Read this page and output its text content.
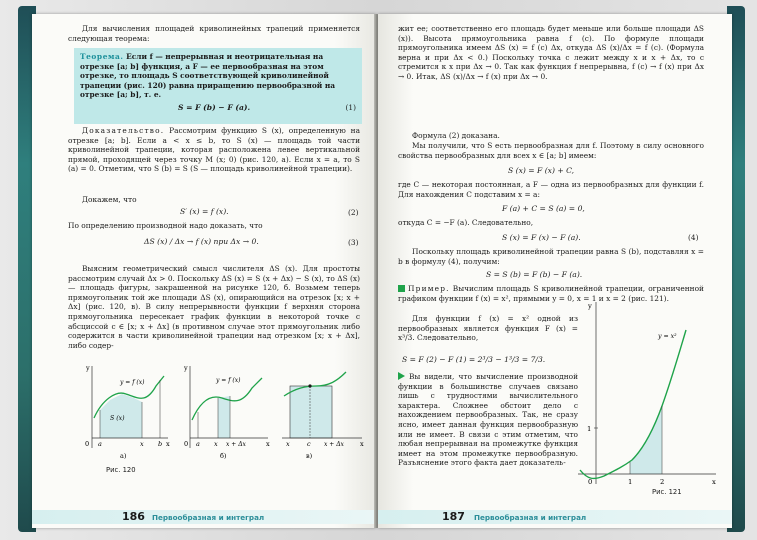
Для вычисления площадей криволинейных трапеций применяется следующая теорема:

Теорема. Если f — непрерывная и неотрицательная на отрезке [a; b] функция, а F — ее первообразная на этом отрезке, то площадь S соответствующей криволинейной трапеции (рис. 120) равна приращению первообразной на отрезке [a; b], т. е.
S = F (b) − F (a).	(1)

Доказательство. Рассмотрим функцию S (x), определенную на отрезке [a; b]. Если a < x ≤ b, то S (x) — площадь той части криволинейной трапеции, которая расположена левее вертикальной прямой, проходящей через точку M (x; 0) (рис. 120, a). Если x = a, то S (a) = 0. Отметим, что S (b) = S (S — площадь криволинейной трапеции).

Докажем, что

S′ (x) = f (x).	(2)

По определению производной надо доказать, что

ΔS (x) / Δx → f (x) при Δx → 0.	(3)

Выясним геометрический смысл числителя ΔS (x). Для простоты рассмотрим случай Δx > 0. Поскольку ΔS (x) = S (x + Δx) − S (x), то ΔS (x) — площадь фигуры, закрашенной на рисунке 120, б. Возьмем теперь прямоугольник той же площади ΔS (x), опирающийся на отрезок [x; x + Δx] (рис. 120, в). В силу непрерывности функции f верхняя сторона прямоугольника пересекает график функции в некоторой точке с абсциссой c ∈ [x; x + Δx] (в противном случае этот прямоугольник либо содержится в части криволинейной трапеции над отрезком [x; x + Δx], либо содер-

y
x
0 a	x b
y = f (x)
S (x)
a)
y
x
0 a x x + Δx
y = f (x)
б)
x
x	c x + Δx
в)
Рис. 120
186 Первообразная и интеграл

жит ее; соответственно его площадь будет меньше или больше площади ΔS (x)). Высота прямоугольника равна f (c). По формуле площади прямоугольника имеем ΔS (x) = f (c) Δx, откуда ΔS (x)/Δx = f (c). (Формула верна и при Δx < 0.) Поскольку точка c лежит между x и x + Δx, то c стремится к x при Δx → 0. Так как функция f непрерывна, f (c) → f (x) при Δx → 0. Итак, ΔS (x)/Δx → f (x) при Δx → 0.

Формула (2) доказана.

Мы получили, что S есть первообразная для f. Поэтому в силу основного свойства первообразных для всех x ∈ [a; b] имеем:

S (x) = F (x) + C,

где C — некоторая постоянная, а F — одна из первообразных для функции f. Для нахождения C подставим x = a:

F (a) + C = S (a) = 0,

откуда C = −F (a). Следовательно,

S (x) = F (x) − F (a).	(4)

Поскольку площадь криволинейной трапеции равна S (b), подставляя x = b в формулу (4), получим:

S = S (b) = F (b) − F (a).

Пример. Вычислим площадь S криволинейной трапеции, ограниченной графиком функции f (x) = x², прямыми y = 0, x = 1 и x = 2 (рис. 121).

Для функции f (x) = x² одной из первообразных является функция F (x) = x³/3. Следовательно,

S = F (2) − F (1) = 2³/3 − 1³/3 = 7/3.

Вы видели, что вычисление производной функции в большинстве случаев связано лишь с трудностями вычислительного характера. Сложнее обстоит дело с нахождением первообразных. Так, не сразу ясно, имеет данная функция первообразную или не имеет. В связи с этим отметим, что любая непрерывная на промежутке функция имеет на этом промежутке первообразную. Разъяснение этого факта дает доказатель-

y
x
0	1	2
1
y = x²
Рис. 121
187 Первообразная и интеграл
